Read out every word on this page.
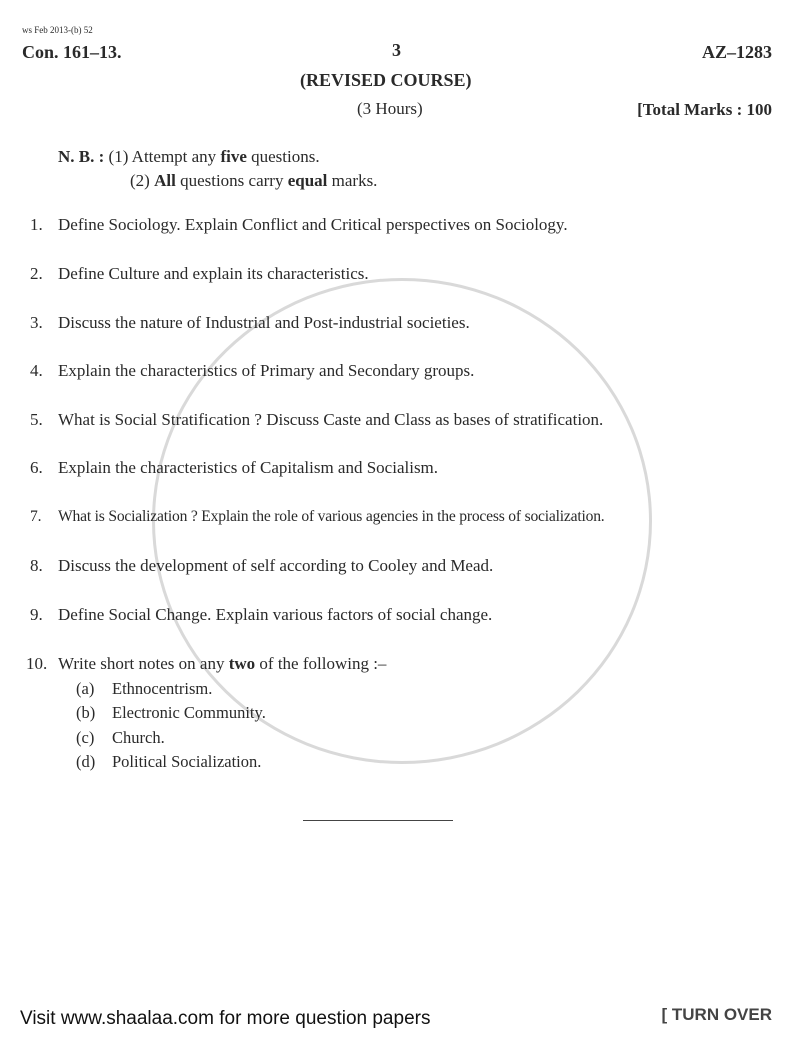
ws Feb 2013-(b) 52
Con. 161–13.	3	AZ–1283
(REVISED COURSE)
(3 Hours)	[Total Marks : 100
N. B. : (1) Attempt any five questions.
(2) All questions carry equal marks.
1. Define Sociology. Explain Conflict and Critical perspectives on Sociology.
2. Define Culture and explain its characteristics.
3. Discuss the nature of Industrial and Post-industrial societies.
4. Explain the characteristics of Primary and Secondary groups.
5. What is Social Stratification ? Discuss Caste and Class as bases of stratification.
6. Explain the characteristics of Capitalism and Socialism.
7. What is Socialization ? Explain the role of various agencies in the process of socialization.
8. Discuss the development of self according to Cooley and Mead.
9. Define Social Change. Explain various factors of social change.
10. Write short notes on any two of the following :–
(a) Ethnocentrism.
(b) Electronic Community.
(c) Church.
(d) Political Socialization.
Visit www.shaalaa.com for more question papers	[ TURN OVER
